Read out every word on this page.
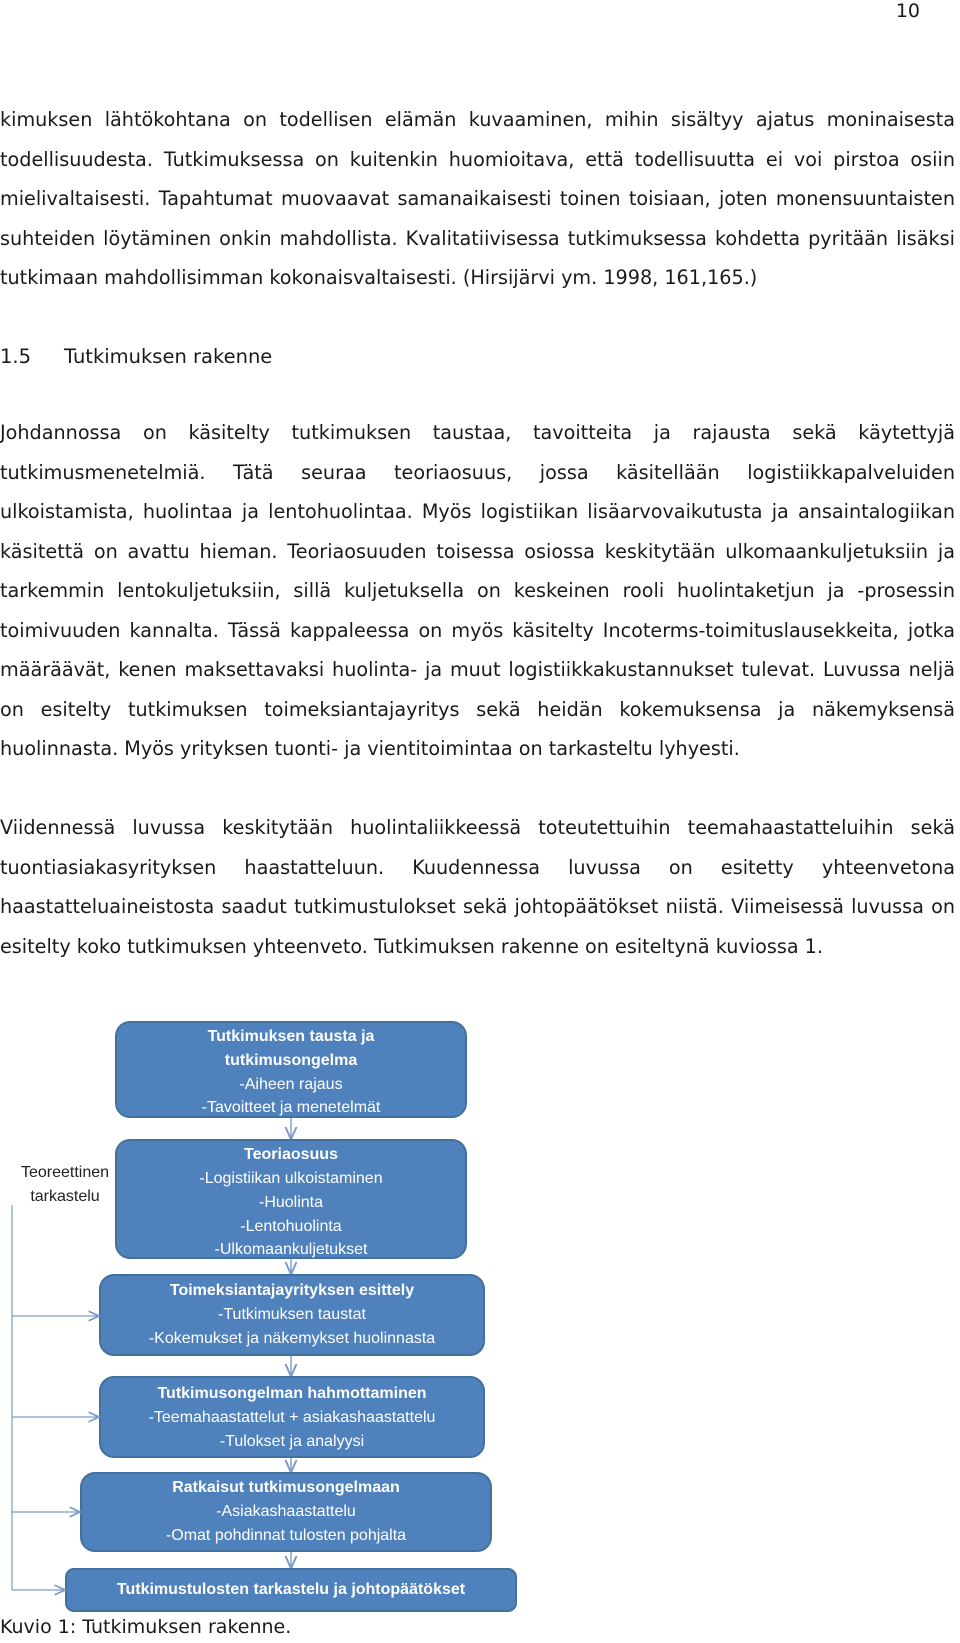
10

kimuksen lähtökohtana on todellisen elämän kuvaaminen, mihin sisältyy ajatus moninaisesta todellisuudesta. Tutkimuksessa on kuitenkin huomioitava, että todellisuutta ei voi pirstoa osiin mielivaltaisesti. Tapahtumat muovaavat samanaikaisesti toinen toisiaan, joten monensuuntaisten suhteiden löytäminen onkin mahdollista. Kvalitatiivisessa tutkimuksessa kohdetta pyritään lisäksi tutkimaan mahdollisimman kokonaisvaltaisesti. (Hirsijärvi ym. 1998, 161,165.)

1.5 Tutkimuksen rakenne

Johdannossa on käsitelty tutkimuksen taustaa, tavoitteita ja rajausta sekä käytettyjä tutkimusmenetelmiä. Tätä seuraa teoriaosuus, jossa käsitellään logistiikkapalveluiden ulkoistamista, huolintaa ja lentohuolintaa. Myös logistiikan lisäarvovaikutusta ja ansaintalogiikan käsitettä on avattu hieman. Teoriaosuuden toisessa osiossa keskitytään ulkomaankuljetuksiin ja tarkemmin lentokuljetuksiin, sillä kuljetuksella on keskeinen rooli huolintaketjun ja -prosessin toimivuuden kannalta. Tässä kappaleessa on myös käsitelty Incoterms-toimituslausekkeita, jotka määräävät, kenen maksettavaksi huolinta- ja muut logistiikkakustannukset tulevat. Luvussa neljä on esitelty tutkimuksen toimeksiantajayritys sekä heidän kokemuksensa ja näkemyksensä huolinnasta. Myös yrityksen tuonti- ja vientitoimintaa on tarkasteltu lyhyesti.

Viidennessä luvussa keskitytään huolintaliikkeessä toteutettuihin teemahaastatteluihin sekä tuontiasiakasyrityksen haastatteluun. Kuudennessa luvussa on esitetty yhteenvetona haastatteluaineistosta saadut tutkimustulokset sekä johtopäätökset niistä. Viimeisessä luvussa on esitelty koko tutkimuksen yhteenveto. Tutkimuksen rakenne on esiteltynä kuviossa 1.

Teoreettinen
tarkastelu
Tutkimuksen tausta ja
tutkimusongelma
-Aiheen rajaus
-Tavoitteet ja menetelmät
Teoriaosuus
-Logistiikan ulkoistaminen
-Huolinta
-Lentohuolinta
-Ulkomaankuljetukset
Toimeksiantajayrityksen esittely
-Tutkimuksen taustat
-Kokemukset ja näkemykset huolinnasta
Tutkimusongelman hahmottaminen
-Teemahaastattelut + asiakashaastattelu
-Tulokset ja analyysi
Ratkaisut tutkimusongelmaan
-Asiakashaastattelu
-Omat pohdinnat tulosten pohjalta
Tutkimustulosten tarkastelu ja johtopäätökset

Kuvio 1: Tutkimuksen rakenne.
